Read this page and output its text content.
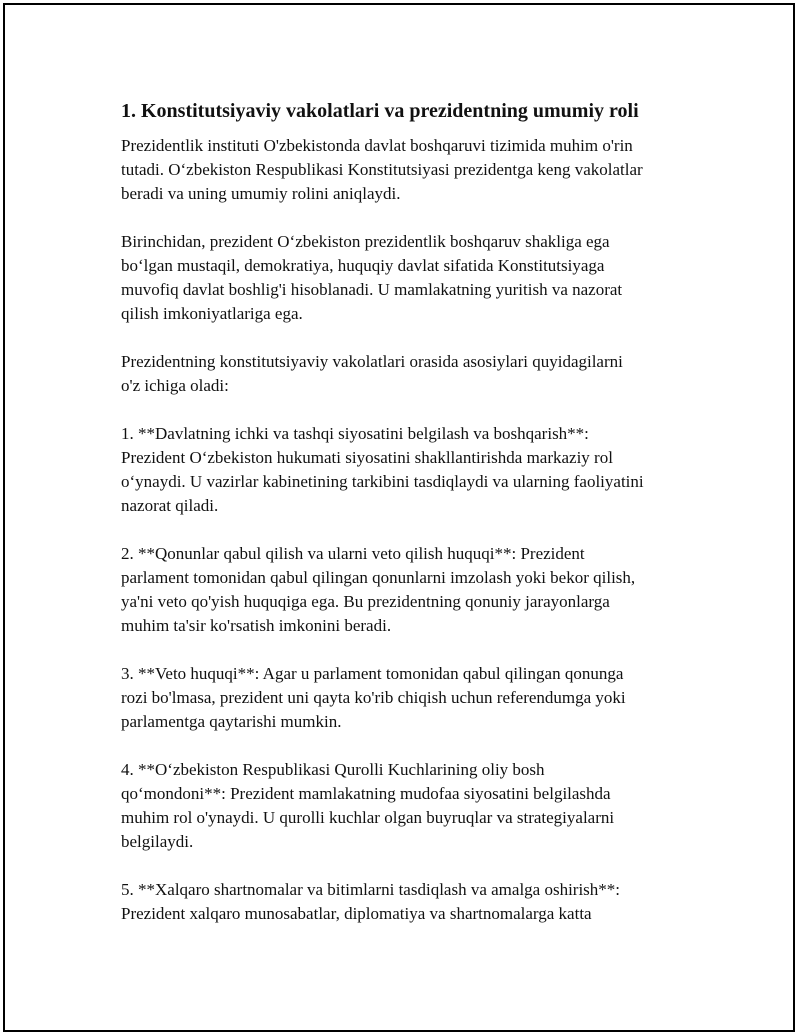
1. Konstitutsiyaviy vakolatlari va prezidentning umumiy roli

Prezidentlik instituti O'zbekistonda davlat boshqaruvi tizimida muhim o'rin
tutadi. O‘zbekiston Respublikasi Konstitutsiyasi prezidentga keng vakolatlar
beradi va uning umumiy rolini aniqlaydi.

Birinchidan, prezident O‘zbekiston prezidentlik boshqaruv shakliga ega
bo‘lgan mustaqil, demokratiya, huquqiy davlat sifatida Konstitutsiyaga
muvofiq davlat boshlig'i hisoblanadi. U mamlakatning yuritish va nazorat
qilish imkoniyatlariga ega.

Prezidentning konstitutsiyaviy vakolatlari orasida asosiylari quyidagilarni
o'z ichiga oladi:

1. **Davlatning ichki va tashqi siyosatini belgilash va boshqarish**:
Prezident O‘zbekiston hukumati siyosatini shakllantirishda markaziy rol
o‘ynaydi. U vazirlar kabinetining tarkibini tasdiqlaydi va ularning faoliyatini
nazorat qiladi.

2. **Qonunlar qabul qilish va ularni veto qilish huquqi**: Prezident
parlament tomonidan qabul qilingan qonunlarni imzolash yoki bekor qilish,
ya'ni veto qo'yish huquqiga ega. Bu prezidentning qonuniy jarayonlarga
muhim ta'sir ko'rsatish imkonini beradi.

3. **Veto huquqi**: Agar u parlament tomonidan qabul qilingan qonunga
rozi bo'lmasa, prezident uni qayta ko'rib chiqish uchun referendumga yoki
parlamentga qaytarishi mumkin.

4. **O‘zbekiston Respublikasi Qurolli Kuchlarining oliy bosh
qo‘mondoni**: Prezident mamlakatning mudofaa siyosatini belgilashda
muhim rol o'ynaydi. U qurolli kuchlar olgan buyruqlar va strategiyalarni
belgilaydi.

5. **Xalqaro shartnomalar va bitimlarni tasdiqlash va amalga oshirish**:
Prezident xalqaro munosabatlar, diplomatiya va shartnomalarga katta
